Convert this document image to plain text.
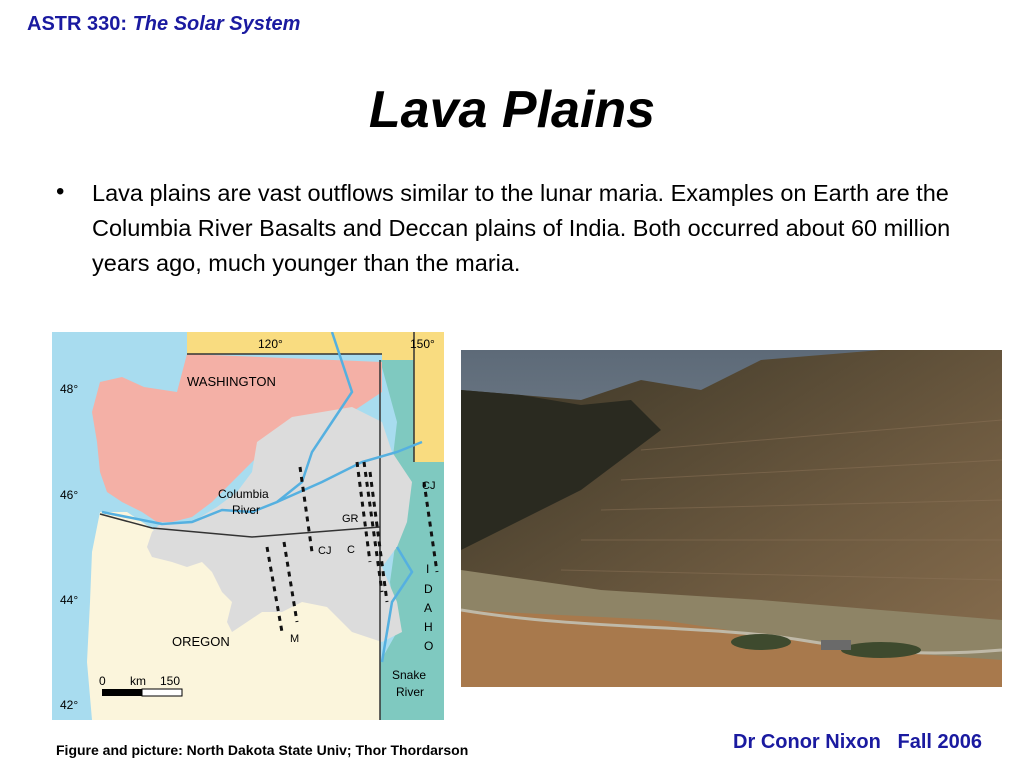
ASTR 330: The Solar System
Lava Plains
• Lava plains are vast outflows similar to the lunar maria. Examples on Earth are the Columbia River Basalts and Deccan plains of India. Both occurred about 60 million years ago, much younger than the maria.
48°
46°
44°
42°
120°	150°
WASHINGTON
OREGON
Columbia
River
CJ
GR
CJ C
M
I
D
A
H
O
Snake
River
0 km 150
Figure and picture: North Dakota State Univ; Thor Thordarson	Dr Conor Nixon   Fall 2006
